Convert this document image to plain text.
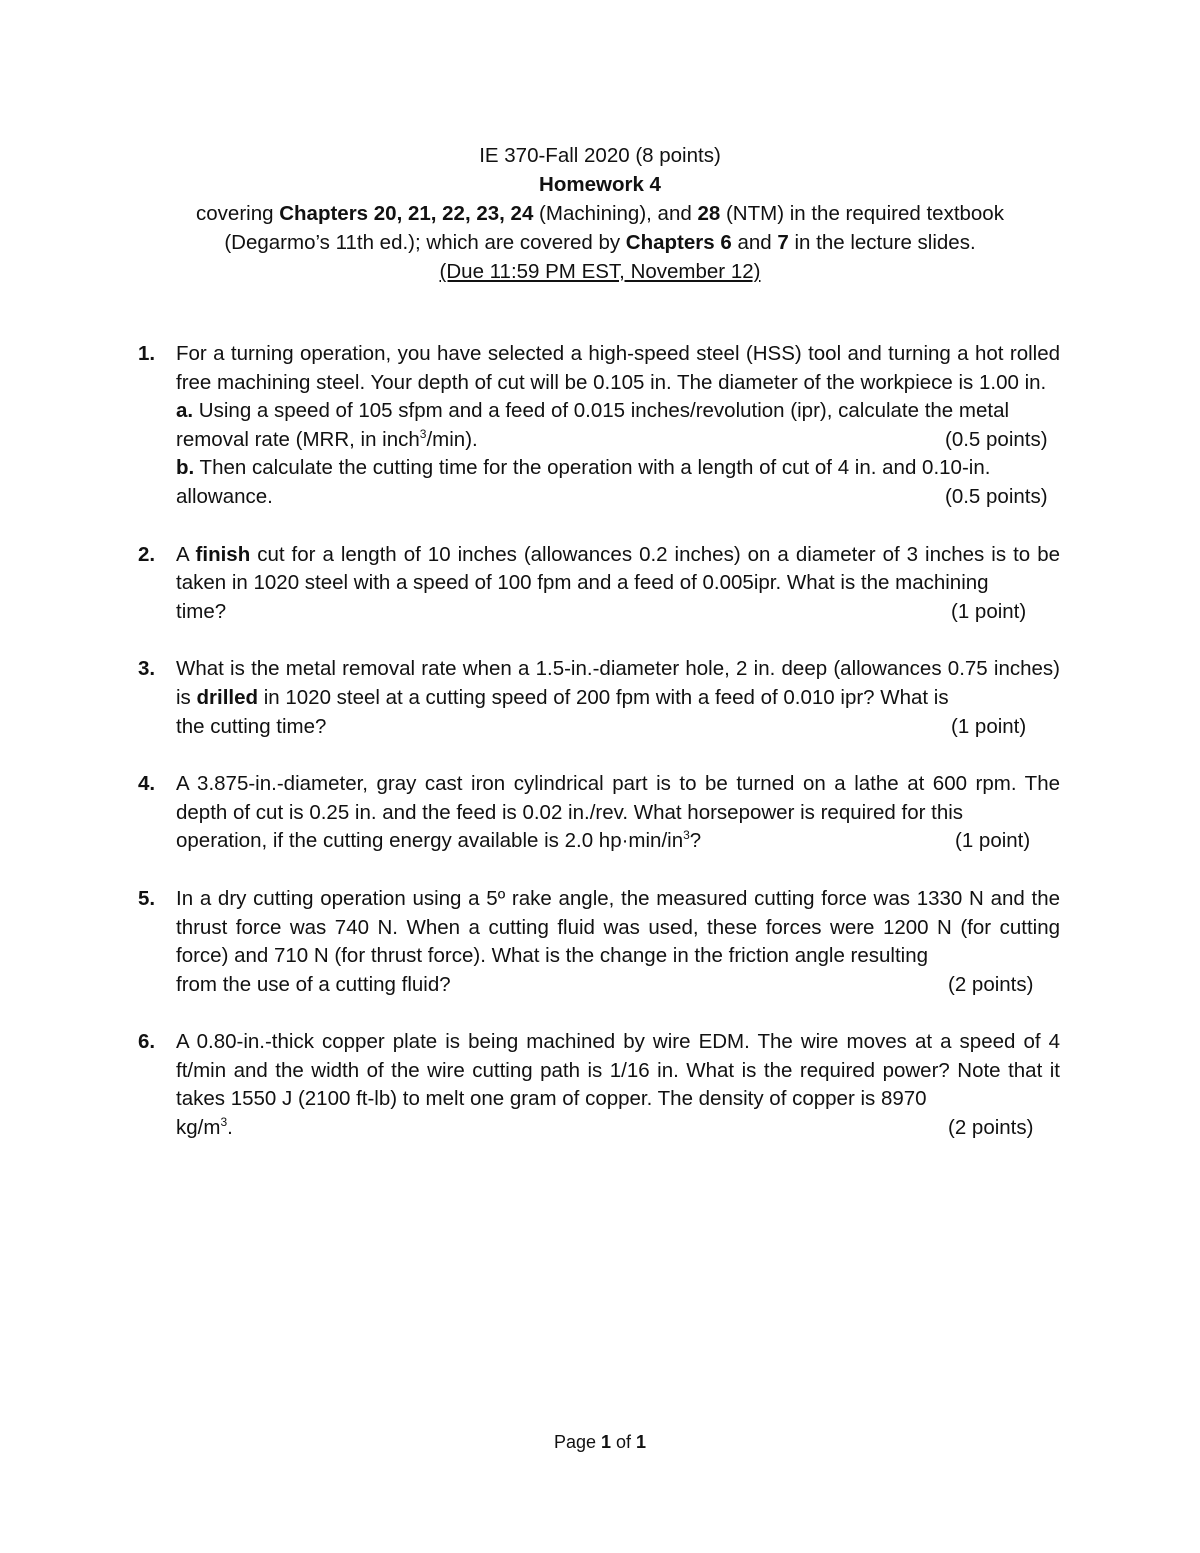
IE 370-Fall 2020 (8 points)
Homework 4
covering Chapters 20, 21, 22, 23, 24 (Machining), and 28 (NTM) in the required textbook
(Degarmo’s 11th ed.); which are covered by Chapters 6 and 7 in the lecture slides.
(Due 11:59 PM EST, November 12)
1. For a turning operation, you have selected a high-speed steel (HSS) tool and turning a hot rolled free machining steel. Your depth of cut will be 0.105 in. The diameter of the workpiece is 1.00 in.
a. Using a speed of 105 sfpm and a feed of 0.015 inches/revolution (ipr), calculate the metal
removal rate (MRR, in inch$^3$/min).	(0.5 points)
b. Then calculate the cutting time for the operation with a length of cut of 4 in. and 0.10-in.
allowance.	(0.5 points)
2. A finish cut for a length of 10 inches (allowances 0.2 inches) on a diameter of 3 inches is to be taken in 1020 steel with a speed of 100 fpm and a feed of 0.005ipr. What is the machining
time?	(1 point)
3. What is the metal removal rate when a 1.5-in.-diameter hole, 2 in. deep (allowances 0.75 inches) is drilled in 1020 steel at a cutting speed of 200 fpm with a feed of 0.010 ipr? What is
the cutting time?	(1 point)
4. A 3.875-in.-diameter, gray cast iron cylindrical part is to be turned on a lathe at 600 rpm. The depth of cut is 0.25 in. and the feed is 0.02 in./rev. What horsepower is required for this
operation, if the cutting energy available is 2.0 $hp\cdot\min/in^3$?	(1 point)
5. In a dry cutting operation using a 5º rake angle, the measured cutting force was 1330 N and the thrust force was 740 N. When a cutting fluid was used, these forces were 1200 N (for cutting force) and 710 N (for thrust force). What is the change in the friction angle resulting
from the use of a cutting fluid?	(2 points)
6. A 0.80-in.-thick copper plate is being machined by wire EDM. The wire moves at a speed of 4 ft/min and the width of the wire cutting path is 1/16 in. What is the required power? Note that it takes 1550 J (2100 ft-lb) to melt one gram of copper. The density of copper is 8970
$kg/m^3$.	(2 points)
Page 1 of 1
